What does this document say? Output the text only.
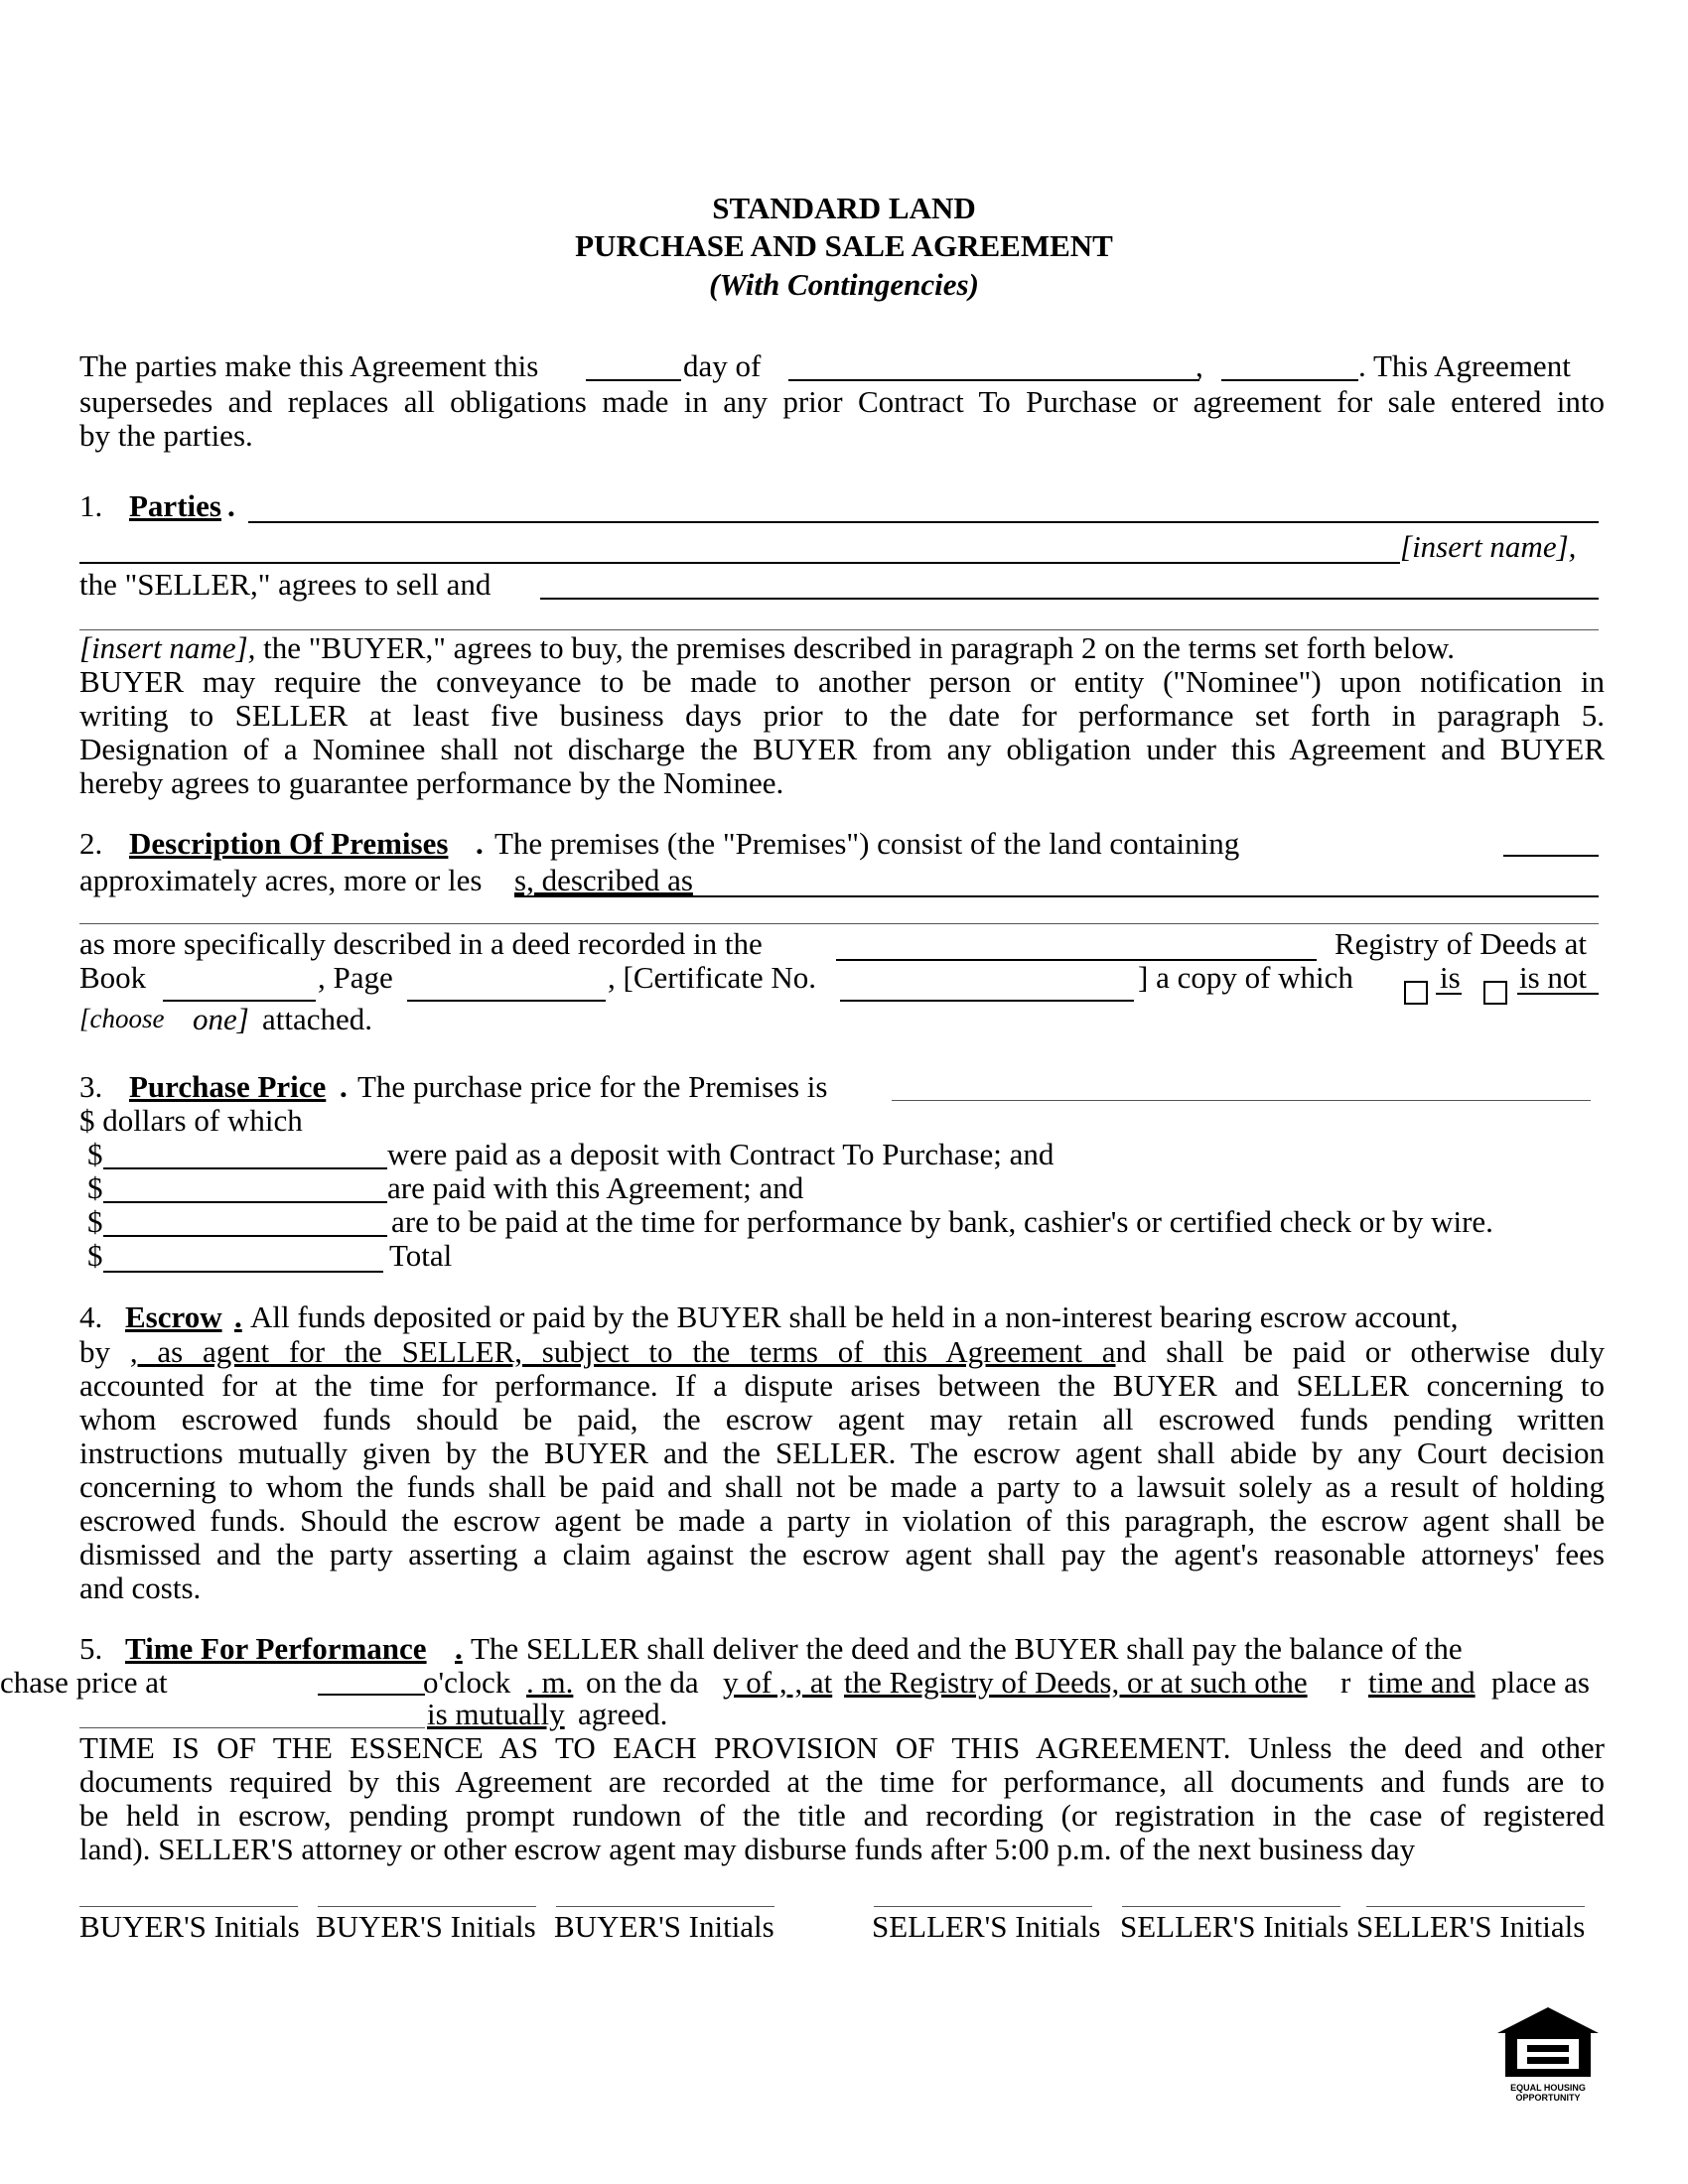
STANDARD LAND
PURCHASE AND SALE AGREEMENT
(With Contingencies)
The parties make this Agreement this	day of	,	. This Agreement
supersedes and replaces all obligations made in any prior Contract To Purchase or agreement for sale entered into
by the parties.
1. Parties .
[insert name],
the "SELLER," agrees to sell and
[insert name], the "BUYER," agrees to buy, the premises described in paragraph 2 on the terms set forth below.
BUYER may require the conveyance to be made to another person or entity ("Nominee") upon notification in
writing to SELLER at least five business days prior to the date for performance set forth in paragraph 5.
Designation of a Nominee shall not discharge the BUYER from any obligation under this Agreement and BUYER
hereby agrees to guarantee performance by the Nominee.
2. Description Of Premises . The premises (the "Premises") consist of the land containing
approximately acres, more or les s, described as
as more specifically described in a deed recorded in the	Registry of Deeds at
Book	, Page	, [Certificate No.	] a copy of which	is is not
[choose one] attached.
3. Purchase Price . The purchase price for the Premises is
$ dollars of which
$	were paid as a deposit with Contract To Purchase; and
$	are paid with this Agreement; and
$	are to be paid at the time for performance by bank, cashier's or certified check or by wire.
$	Total
4. Escrow . All funds deposited or paid by the BUYER shall be held in a non-interest bearing escrow account,
by , as agent for the SELLER, subject to the terms of this Agreement and shall be paid or otherwise duly
accounted for at the time for performance. If a dispute arises between the BUYER and SELLER concerning to
whom escrowed funds should be paid, the escrow agent may retain all escrowed funds pending written
instructions mutually given by the BUYER and the SELLER. The escrow agent shall abide by any Court decision
concerning to whom the funds shall be paid and shall not be made a party to a lawsuit solely as a result of holding
escrowed funds. Should the escrow agent be made a party in violation of this paragraph, the escrow agent shall be
dismissed and the party asserting a claim against the escrow agent shall pay the agent's reasonable attorneys' fees
and costs.
5. Time For Performance . The SELLER shall deliver the deed and the BUYER shall pay the balance of the
chase price at	o'clock . m. on the da y of , , at the Registry of Deeds, or at such othe r time and place as
is mutually agreed.
TIME IS OF THE ESSENCE AS TO EACH PROVISION OF THIS AGREEMENT. Unless the deed and other
documents required by this Agreement are recorded at the time for performance, all documents and funds are to
be held in escrow, pending prompt rundown of the title and recording (or registration in the case of registered
land). SELLER'S attorney or other escrow agent may disburse funds after 5:00 p.m. of the next business day
BUYER'S Initials BUYER'S Initials BUYER'S Initials	SELLER'S Initials SELLER'S Initials SELLER'S Initials
EQUAL HOUSING
OPPORTUNITY
